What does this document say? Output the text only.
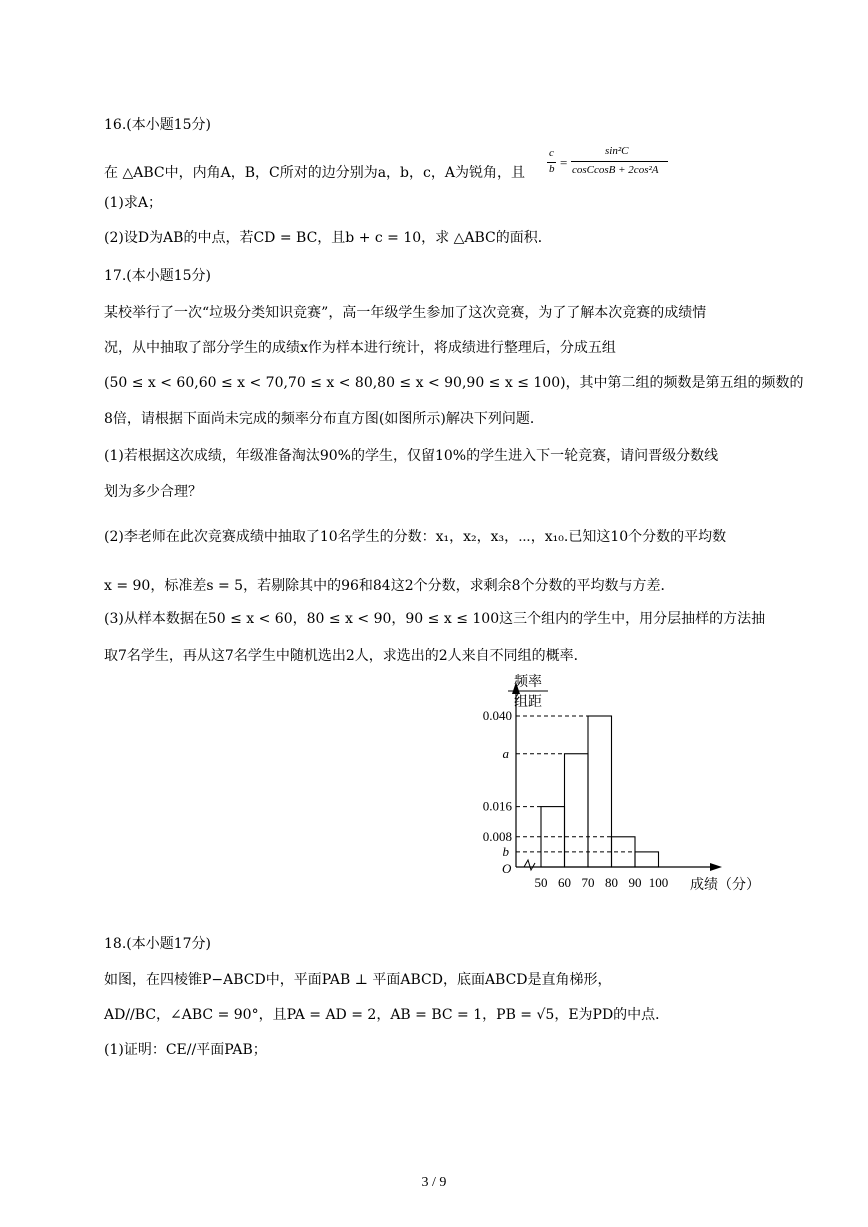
16.(本小题15分)
在 △ABC中，内角A，B，C所对的边分别为a，b，c，A为锐角，且
c
b =
sin²C
cosCcosB + 2cos²A
(1)求A；
(2)设D为AB的中点，若CD = BC，且b + c = 10，求 △ABC的面积．
17.(本小题15分)
某校举行了一次“垃圾分类知识竞赛”，高一年级学生参加了这次竞赛，为了了解本次竞赛的成绩情
况，从中抽取了部分学生的成绩x作为样本进行统计，将成绩进行整理后，分成五组
(50 ≤ x < 60,60 ≤ x < 70,70 ≤ x < 80,80 ≤ x < 90,90 ≤ x ≤ 100)，其中第二组的频数是第五组的频数的
8倍，请根据下面尚未完成的频率分布直方图(如图所示)解决下列问题．
(1)若根据这次成绩，年级准备淘汰90%的学生，仅留10%的学生进入下一轮竞赛，请问晋级分数线
划为多少合理？
(2)李老师在此次竞赛成绩中抽取了10名学生的分数：x₁，x₂，x₃，⋯，x₁₀.已知这10个分数的平均数
x = 90，标准差s = 5，若剔除其中的96和84这2个分数，求剩余8个分数的平均数与方差．
(3)从样本数据在50 ≤ x < 60，80 ≤ x < 90，90 ≤ x ≤ 100这三个组内的学生中，用分层抽样的方法抽
取7名学生，再从这7名学生中随机选出2人，求选出的2人来自不同组的概率．
频率
组距
O
0.040
a
0.016
0.008
b
50 60 70 80 90 100 成绩（分）
18.(本小题17分)
如图，在四棱锥P−ABCD中，平面PAB ⊥ 平面ABCD，底面ABCD是直角梯形，
AD//BC，∠ABC = 90°，且PA = AD = 2，AB = BC = 1，PB = √5，E为PD的中点．
(1)证明：CE//平面PAB；
3 / 9
